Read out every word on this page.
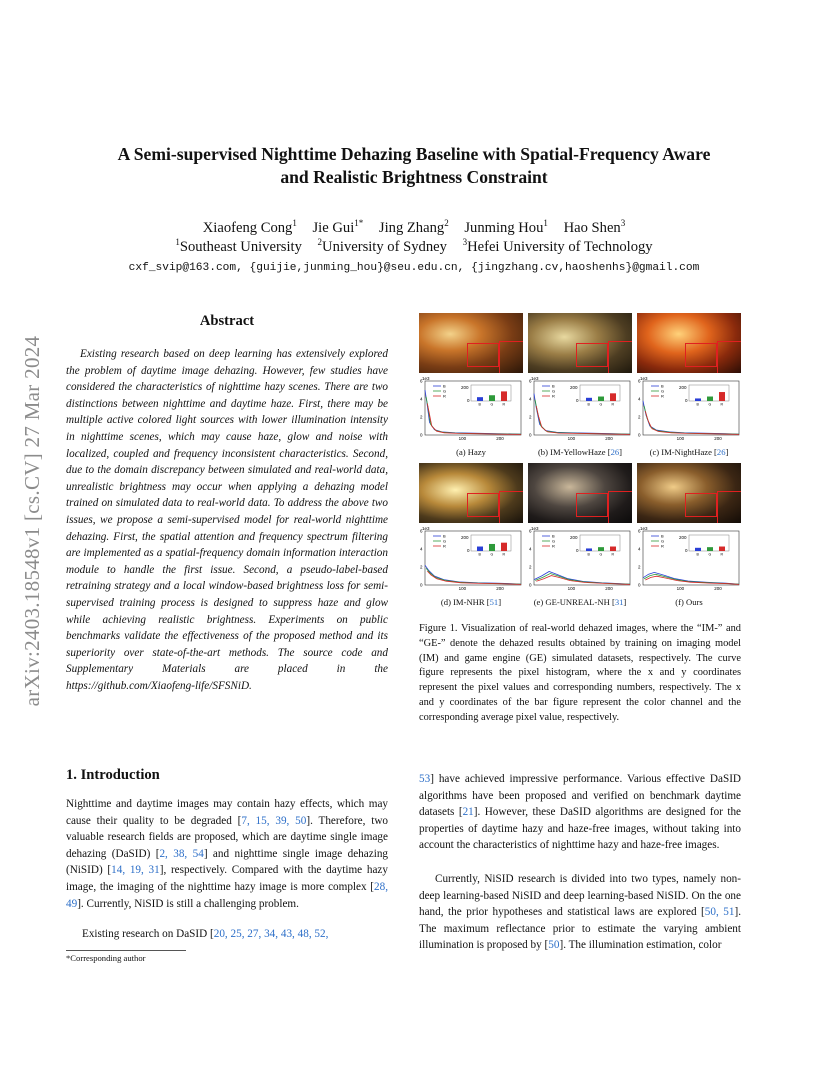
arXiv:2403.18548v1 [cs.CV] 27 Mar 2024
A Semi-supervised Nighttime Dehazing Baseline with Spatial-Frequency Aware
and Realistic Brightness Constraint
Xiaofeng Cong$^1$ Jie Gui$^{1*}$ Jing Zhang$^2$ Junming Hou$^1$ Hao Shen$^3$
$^1$Southeast University $^2$University of Sydney $^3$Hefei University of Technology
cxf_svip@163.com, {guijie,junming_hou}@seu.edu.cn, {jingzhang.cv,haoshenhs}@gmail.com
Abstract
Existing research based on deep learning has extensively explored the problem of daytime image dehazing. However, few studies have considered the characteristics of nighttime hazy scenes. There are two distinctions between nighttime and daytime haze. First, there may be multiple active colored light sources with lower illumination intensity in nighttime scenes, which may cause haze, glow and noise with localized, coupled and frequency inconsistent characteristics. Second, due to the domain discrepancy between simulated and real-world data, unrealistic brightness may occur when applying a dehazing model trained on simulated data to real-world data. To address the above two issues, we propose a semi-supervised model for real-world nighttime dehazing. First, the spatial attention and frequency spectrum filtering are implemented as a spatial-frequency domain information interaction module to handle the first issue. Second, a pseudo-label-based retraining strategy and a local window-based brightness loss for semi-supervised training process is designed to suppress haze and glow while achieving realistic brightness. Experiments on public benchmarks validate the effectiveness of the proposed method and its superiority over state-of-the-art methods. The source code and Supplementary Materials are placed in the https://github.com/Xiaofeng-life/SFSNiD.
1. Introduction
Nighttime and daytime images may contain hazy effects, which may cause their quality to be degraded [7, 15, 39, 50]. Therefore, two valuable research fields are proposed, which are daytime single image dehazing (DaSID) [2, 38, 54] and nighttime single image dehazing (NiSID) [14, 19, 31], respectively. Compared with the daytime hazy image, the imaging of the nighttime hazy image is more complex [28, 49]. Currently, NiSID is still a challenging problem.
Existing research on DaSID [20, 25, 27, 34, 43, 48, 52,
*Corresponding author
53] have achieved impressive performance. Various effective DaSID algorithms have been proposed and verified on benchmark daytime datasets [21]. However, these DaSID algorithms are designed for the properties of daytime hazy and haze-free images, without taking into account the characteristics of nighttime hazy and haze-free images.
Currently, NiSID research is divided into two types, namely non-deep learning-based NiSID and deep learning-based NiSID. On the one hand, the prior hypotheses and statistical laws are explored [50, 51]. The maximum reflectance prior to estimate the varying ambient illumination is proposed by [50]. The illumination estimation, color
1e3
0
2
4
6
100	200
B
G
R
200
0
B	G	R
(a) Hazy
1e3
0
2
4
6
100	200
B
G
R
200
0
B	G	R
(b) IM-YellowHaze [26]
1e3
0
2
4
6
100	200
B
G
R
200
0
B	G	R
(c) IM-NightHaze [26]
1e3
0
2
4
6
100	200
B
G
R
200
0
B	G	R
(d) IM-NHR [51]
1e3
0
2
4
6
100	200
B
G
R
200
0
B	G	R
(e) GE-UNREAL-NH [31]
1e3
0
2
4
6
100	200
B
G
R
200
0
B	G	R
(f) Ours
Figure 1. Visualization of real-world dehazed images, where the “IM-” and “GE-” denote the dehazed results obtained by training on imaging model (IM) and game engine (GE) simulated datasets, respectively. The curve figure represents the pixel histogram, where the x and y coordinates represent the pixel values and corresponding numbers, respectively. The x and y coordinates of the bar figure represent the color channel and the corresponding average pixel value, respectively.
